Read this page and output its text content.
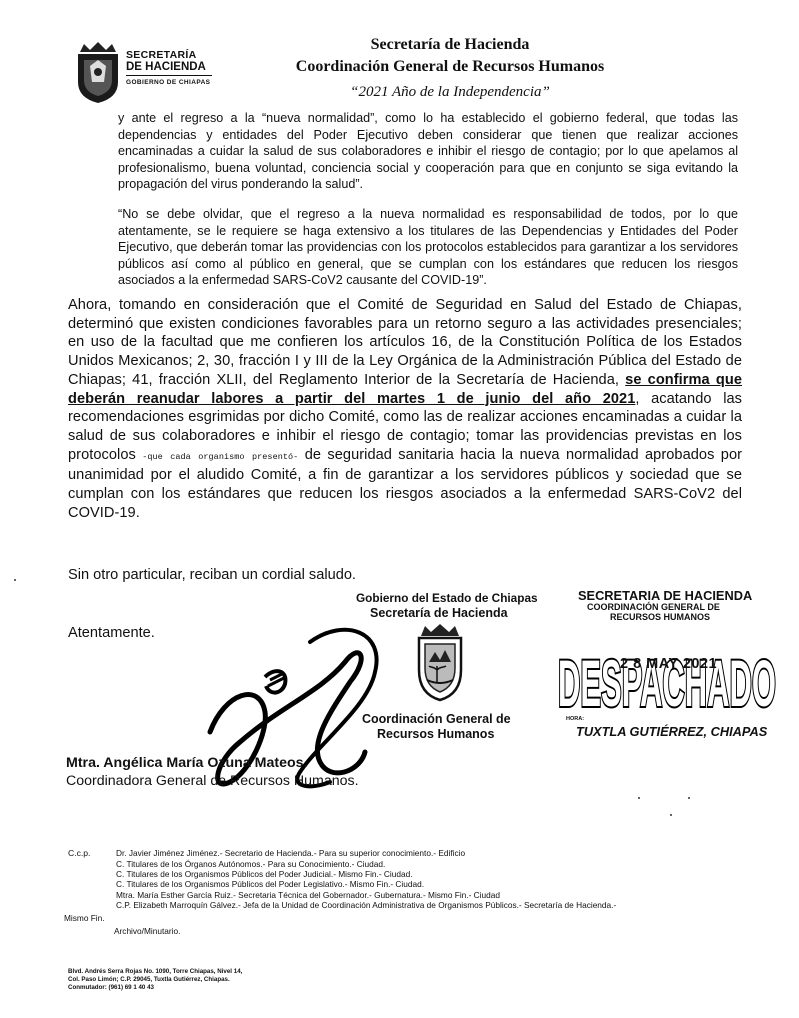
SECRETARÍA
DE HACIENDA
GOBIERNO DE CHIAPAS
Secretaría de Hacienda
Coordinación General de Recursos Humanos
“2021 Año de la Independencia”
y ante el regreso a la “nueva normalidad”, como lo ha establecido el gobierno federal, que todas las dependencias y entidades del Poder Ejecutivo deben considerar que tienen que realizar acciones encaminadas a cuidar la salud de sus colaboradores e inhibir el riesgo de contagio; por lo que apelamos al profesionalismo, buena voluntad, conciencia social y cooperación para que en conjunto se siga evitando la propagación del virus ponderando la salud”.
“No se debe olvidar, que el regreso a la nueva normalidad es responsabilidad de todos, por lo que atentamente, se le requiere se haga extensivo a los titulares de las Dependencias y Entidades del Poder Ejecutivo, que deberán tomar las providencias con los protocolos establecidos para garantizar a los servidores públicos así como al público en general, que se cumplan con los estándares que reducen los riesgos asociados a la enfermedad SARS-CoV2 causante del COVID-19”.
Ahora, tomando en consideración que el Comité de Seguridad en Salud del Estado de Chiapas, determinó que existen condiciones favorables para un retorno seguro a las actividades presenciales; en uso de la facultad que me confieren los artículos 16, de la Constitución Política de los Estados Unidos Mexicanos; 2, 30, fracción I y III de la Ley Orgánica de la Administración Pública del Estado de Chiapas; 41, fracción XLII, del Reglamento Interior de la Secretaría de Hacienda, se confirma que deberán reanudar labores a partir del martes 1 de junio del año 2021, acatando las recomendaciones esgrimidas por dicho Comité, como las de realizar acciones encaminadas a cuidar la salud de sus colaboradores e inhibir el riesgo de contagio; tomar las providencias previstas en los protocolos -que cada organismo presentó- de seguridad sanitaria hacia la nueva normalidad aprobados por unanimidad por el aludido Comité, a fin de garantizar a los servidores públicos y sociedad que se cumplan con los estándares que reducen los riesgos asociados a la enfermedad SARS-CoV2 del COVID-19.
Sin otro particular, reciban un cordial saludo.
Atentamente.
Mtra. Angélica María Ozuna Mateos.
Coordinadora General de Recursos Humanos.
Gobierno del Estado de Chiapas
Secretaría de Hacienda
Coordinación General de
Recursos Humanos
SECRETARIA DE HACIENDA
COORDINACIÓN GENERAL DE
RECURSOS HUMANOS
DESPACHADO
2 8 MAY 2021
HORA:
TUXTLA GUTIÉRREZ, CHIAPAS
C.c.p.	Dr. Javier Jiménez Jiménez.- Secretario de Hacienda.- Para su superior conocimiento.- Edificio
C. Titulares de los Órganos Autónomos.- Para su Conocimiento.- Ciudad.
C. Titulares de los Organismos Públicos del Poder Judicial.- Mismo Fin.- Ciudad.
C. Titulares de los Organismos Públicos del Poder Legislativo.- Mismo Fin.- Ciudad.
Mtra. María Esther García Ruiz.- Secretaria Técnica del Gobernador.- Gubernatura.- Mismo Fin.- Ciudad
C.P. Elizabeth Marroquín Gálvez.- Jefa de la Unidad de Coordinación Administrativa de Organismos Públicos.- Secretaría de Hacienda.-
Mismo Fin.
Archivo/Minutario.
Blvd. Andrés Serra Rojas No. 1090, Torre Chiapas, Nivel 14,
Col. Paso Limón; C.P. 29045, Tuxtla Gutiérrez, Chiapas.
Conmutador: (961) 69 1 40 43
